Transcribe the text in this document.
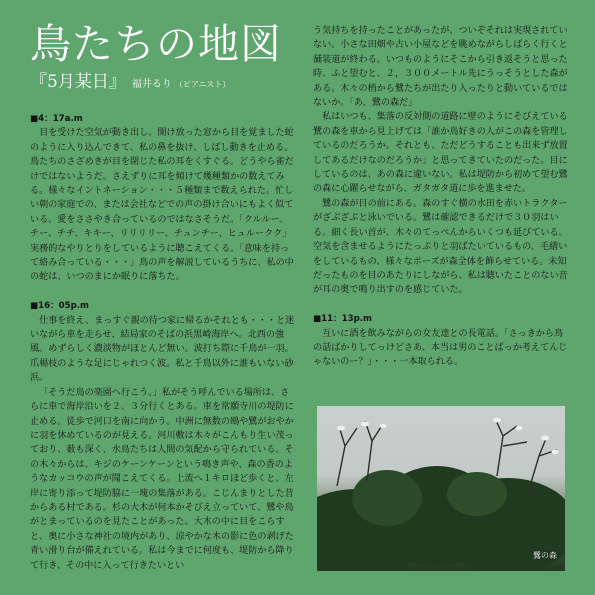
鳥たちの地図
『5月某日』 福井るり （ピアニスト）
■4：17a.m

目を受けた空気が動き出し、開け放った窓から目を覚ました蛇のように入り込んできて、私の鼻を抜け、しばし動きを止める。鳥たちのさざめきが目を閉じた私の耳をくすぐる。どうやら雀だけではないようだ。さえずりに耳を傾けて幾種類かの数えてみる。様々なイントネーション・・・５種類まで数えられた。忙しい朝の家庭での、または会社などでの声の掛け合いにもよく似ている。愛をささやき合っているのではなさそうだ。「クルルー、チー、チチ、キキー、リリリリー、チュンチー、ヒュルークク」実務的なやりとりをしているように聴こえてくる。「意味を持って絡み合っている・・・」鳥の声を解説しているうちに、私の中の蛇は、いつのまにか眠りに落ちた。

■16：05p.m

仕事を終え、まっすぐ親の待つ家に帰るかそれとも・・・と迷いながら車を走らせ、結局家のそばの浜黒崎海岸へ。北西の強風。めずらしく濃淡物がほとんど無い。波打ち際に千鳥が一羽。爪楊枝のような足にじゃれつく波。私と千鳥以外に誰もいない砂浜。

「そうだ鳥の楽園へ行こう。」私がそう呼んでいる場所は、さらに車で海岸沿いを２、３分行くとある。車を常願寺川の堤防に止める。徒歩で河口を南に向かう。中洲に無数の鴎や鷺がおやかに羽を休めているのが見える。河川敷は木々がこんもり生い茂っており、薮も深く、水鳥たちは人間の気配から守られている。その木々からは、キジのケーンケーンという鳴き声や、森の香のようなカッコウの声が聞こえてくる。上流へ１キロほど歩くと、左岸に寄り添って堤防脇に一塊の集落がある。こじんまりとした昔からある村である。杉の大木が何本かそびえ立っていて、鷺や鳥がとまっているのを見たことがあった。大木の中に目をこらすと、奥に小さな神社の境内があり、涼やかな木の影に色の剥げた青い滑り台が備えれている。私は今までに何度も、堤防から降りて行き、その中に入って行きたいとい

う気持ちを持ったことがあったが、ついぞそれは実現されていない。小さな田畑や古い小屋などを眺めながらしばらく行くと舗装道が終わる。いつものようにそこから引き返そうと思った時、ふと望むと、２，３００メートル先にうっそうとした森がある。木々の梢から鷺たちが出たり入ったりと動いているではないか。「あ、鷺の森だ」

私はいつも、集落の反対側の道路に壁のようにそびえている鷺の森を車から見上げては「誰か鳥好きの人がこの森を管理しているのだろうか。それとも、ただどうすることも出来ず放置してあるだけなのだろうか」と思ってきていたのだった。目にしているのは、あの森に違いない。私は堤防から初めて望む鷺の森に心躍らせながら、ガタガタ道に歩を進ませた。

鷺の森が目の前にある。森のすぐ横の水田を赤いトラクターがざぶざぶと泳いでいる。鷺は確認できるだけで３０羽はいる。細く長い首が、木々のてっぺんからいくつも延びている。空気を含ませるようにたっぷりと羽ばたいているもの、毛繕いをしているもの、様々なポーズが森全体を飾らせている。未知だったものを目のあたりにしながら、私は聴いたことのない音が耳の奥で鳴り出すのを感じていた。

■11：13p.m

互いに酒を飲みながらの女友達との長電話。「さっきから鳥の話ばかりしてっけどさあ、本当は男のことばっか考えてんじゃないのー？」・・・一本取られる。

鷺の森
